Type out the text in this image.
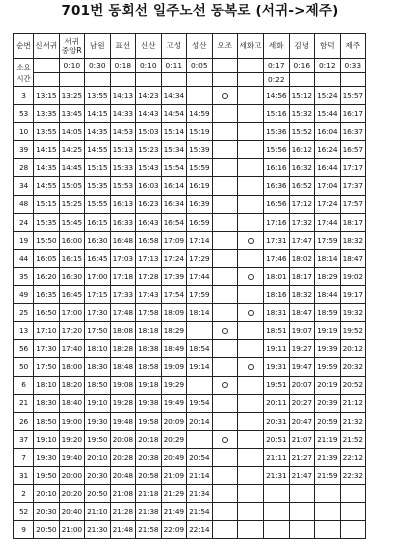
701번 동회선 일주노선 동복로 (서귀->제주)
순번	신서귀	서귀 중앙R	남원	표선	신산	고성	성산	오조	세화고	세화	김녕	함덕	제주
소요
시간		0:10	0:30	0:18	0:10	0:11	0:05			0:17	0:16	0:12	0:33
										0:22			
3	13:15	13:25	13:55	14:13	14:23	14:34				14:56	15:12	15:24	15:57
53	13:35	13:45	14:15	14:33	14:43	14:54	14:59			15:16	15:32	15:44	16:17
10	13:55	14:05	14:35	14:53	15:03	15:14	15:19			15:36	15:52	16:04	16:37
39	14:15	14:25	14:55	15:13	15:23	15:34	15:39			15:56	16:12	16:24	16:57
28	14:35	14:45	15:15	15:33	15:43	15:54	15:59			16:16	16:32	16:44	17:17
34	14:55	15:05	15:35	15:53	16:03	16:14	16:19			16:36	16:52	17:04	17:37
48	15:15	15:25	15:55	16:13	16:23	16:34	16:39			16:56	17:12	17:24	17:57
24	15:35	15:45	16:15	16:33	16:43	16:54	16:59			17:16	17:32	17:44	18:17
19	15:50	16:00	16:30	16:48	16:58	17:09	17:14			17:31	17:47	17:59	18:32
44	16:05	16:15	16:45	17:03	17:13	17:24	17:29			17:46	18:02	18:14	18:47
35	16:20	16:30	17:00	17:18	17:28	17:39	17:44			18:01	18:17	18:29	19:02
49	16:35	16:45	17:15	17:33	17:43	17:54	17:59			18:16	18:32	18:44	19:17
25	16:50	17:00	17:30	17:48	17:58	18:09	18:14			18:31	18:47	18:59	19:32
13	17:10	17:20	17:50	18:08	18:18	18:29				18:51	19:07	19:19	19:52
56	17:30	17:40	18:10	18:28	18:38	18:49	18:54			19:11	19:27	19:39	20:12
50	17:50	18:00	18:30	18:48	18:58	19:09	19:14			19:31	19:47	19:59	20:32
6	18:10	18:20	18:50	19:08	19:18	19:29				19:51	20:07	20:19	20:52
21	18:30	18:40	19:10	19:28	19:38	19:49	19:54			20:11	20:27	20:39	21:12
26	18:50	19:00	19:30	19:48	19:58	20:09	20:14			20:31	20:47	20:59	21:32
37	19:10	19:20	19:50	20:08	20:18	20:29				20:51	21:07	21:19	21:52
7	19:30	19:40	20:10	20:28	20:38	20:49	20:54			21:11	21:27	21:39	22:12
31	19:50	20:00	20:30	20:48	20:58	21:09	21:14			21:31	21:47	21:59	22:32
2	20:10	20:20	20:50	21:08	21:18	21:29	21:34						
52	20:30	20:40	21:10	21:28	21:38	21:49	21:54						
9	20:50	21:00	21:30	21:48	21:58	22:09	22:14						
